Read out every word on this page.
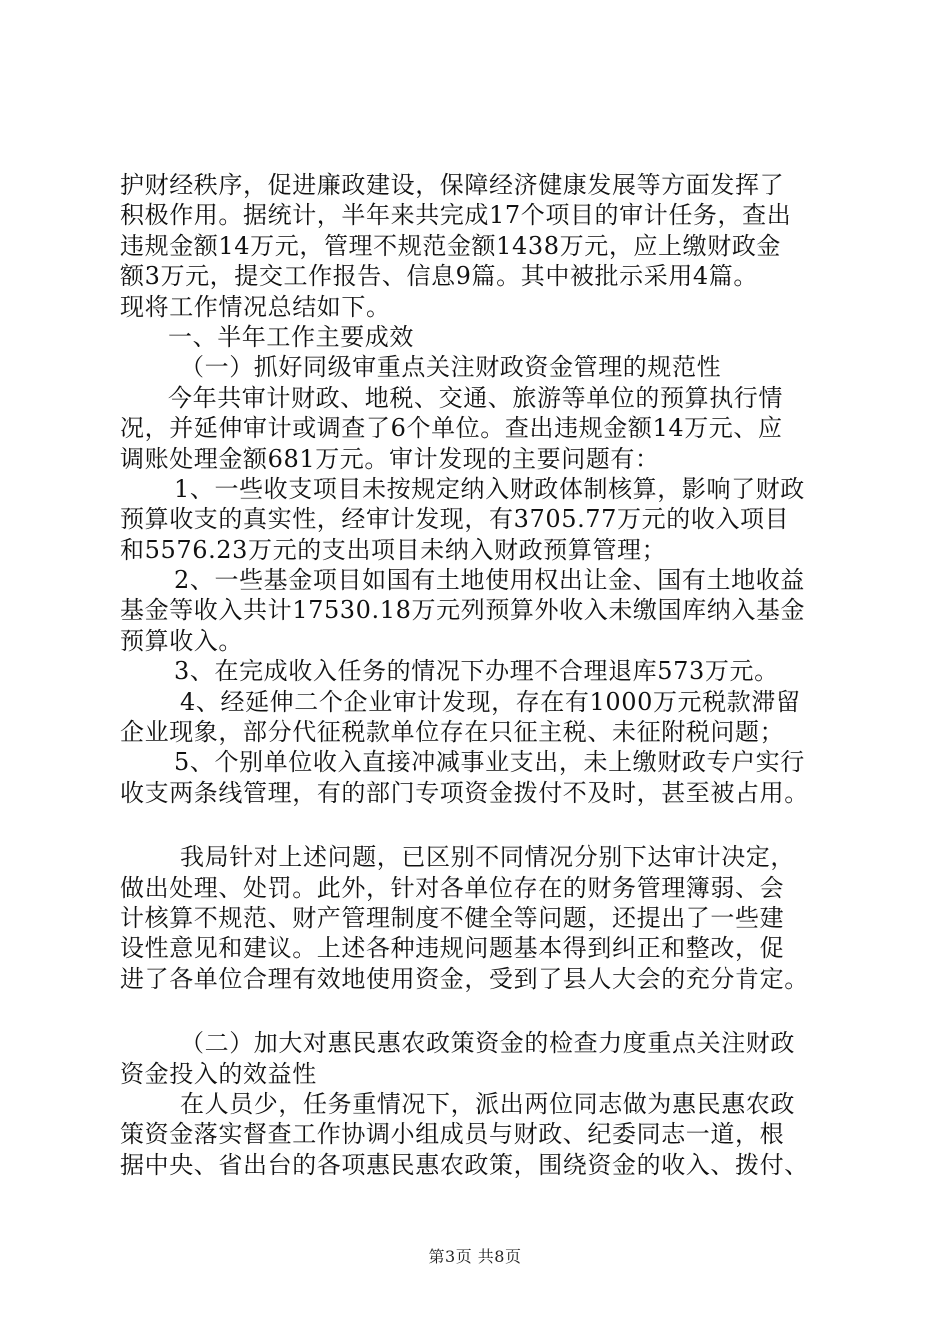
护财经秩序，促进廉政建设，保障经济健康发展等方面发挥了
积极作用。据统计，半年来共完成17个项目的审计任务，查出
违规金额14万元，管理不规范金额1438万元，应上缴财政金
额3万元，提交工作报告、信息9篇。其中被批示采用4篇。
现将工作情况总结如下。
一、半年工作主要成效
（一）抓好同级审重点关注财政资金管理的规范性
今年共审计财政、地税、交通、旅游等单位的预算执行情
况，并延伸审计或调查了6个单位。查出违规金额14万元、应
调账处理金额681万元。审计发现的主要问题有：
1、一些收支项目未按规定纳入财政体制核算，影响了财政
预算收支的真实性，经审计发现，有3705.77万元的收入项目
和5576.23万元的支出项目未纳入财政预算管理；
2、一些基金项目如国有土地使用权出让金、国有土地收益
基金等收入共计17530.18万元列预算外收入未缴国库纳入基金
预算收入。
3、在完成收入任务的情况下办理不合理退库573万元。
4、经延伸二个企业审计发现，存在有1000万元税款滞留
企业现象，部分代征税款单位存在只征主税、未征附税问题；
5、个别单位收入直接冲减事业支出，未上缴财政专户实行
收支两条线管理，有的部门专项资金拨付不及时，甚至被占用。
我局针对上述问题，已区别不同情况分别下达审计决定，
做出处理、处罚。此外，针对各单位存在的财务管理簿弱、会
计核算不规范、财产管理制度不健全等问题，还提出了一些建
设性意见和建议。上述各种违规问题基本得到纠正和整改，促
进了各单位合理有效地使用资金，受到了县人大会的充分肯定。
（二）加大对惠民惠农政策资金的检查力度重点关注财政
资金投入的效益性
在人员少，任务重情况下，派出两位同志做为惠民惠农政
策资金落实督查工作协调小组成员与财政、纪委同志一道，根
据中央、省出台的各项惠民惠农政策，围绕资金的收入、拨付、
第3页 共8页
